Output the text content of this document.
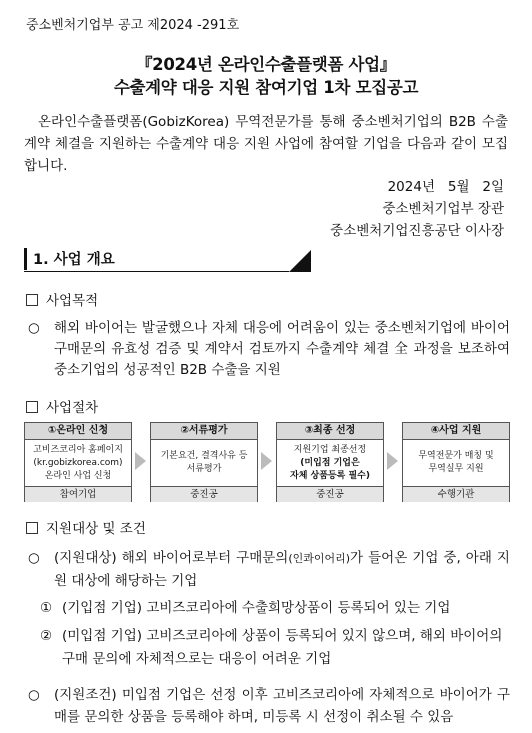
중소벤처기업부 공고 제2024 -291호
『2024년 온라인수출플랫폼 사업』
수출계약 대응 지원 참여기업 1차 모집공고
온라인수출플랫폼(GobizKorea) 무역전문가를 통해 중소벤처기업의 B2B 수출계약 체결을 지원하는 수출계약 대응 지원 사업에 참여할 기업을 다음과 같이 모집합니다.
2024년   5월   2일
중소벤처기업부 장관
중소벤처기업진흥공단 이사장
1. 사업 개요
사업목적
○ 해외 바이어는 발굴했으나 자체 대응에 어려움이 있는 중소벤처기업에 바이어 구매문의 유효성 검증 및 계약서 검토까지 수출계약 체결 全 과정을 보조하여 중소기업의 성공적인 B2B 수출을 지원
사업절차
①온라인 신청
고비즈코리아 홈페이지
(kr.gobizkorea.com)
온라인 사업 신청
참여기업
②서류평가
기본요건, 결격사유 등
서류평가
중진공
③최종 선정
지원기업 최종선정
(미입점 기업은
자체 상품등록 필수)
중진공
④사업 지원
무역전문가 매칭 및
무역실무 지원
수행기관
지원대상 및 조건
○ (지원대상) 해외 바이어로부터 구매문의(인콰이어리)가 들어온 기업 중, 아래 지원 대상에 해당하는 기업
① (기입점 기업) 고비즈코리아에 수출희망상품이 등록되어 있는 기업
② (미입점 기업) 고비즈코리아에 상품이 등록되어 있지 않으며, 해외 바이어의 구매 문의에 자체적으로는 대응이 어려운 기업
○ (지원조건) 미입점 기업은 선정 이후 고비즈코리아에 자체적으로 바이어가 구매를 문의한 상품을 등록해야 하며, 미등록 시 선정이 취소될 수 있음
